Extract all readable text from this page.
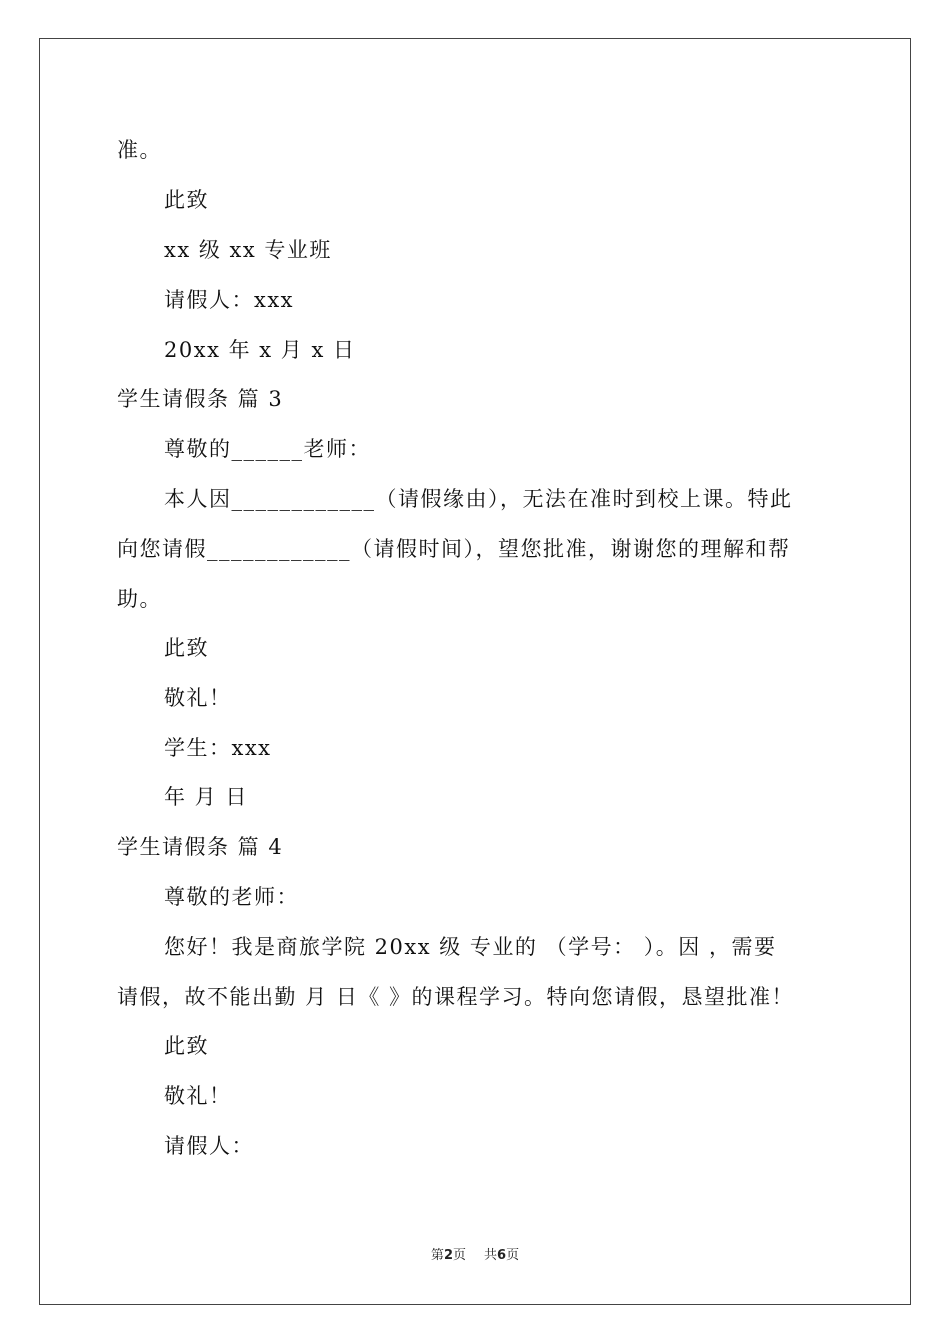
准。

此致

xx 级 xx 专业班

请假人：xxx

20xx 年 x 月 x 日

学生请假条 篇 3

尊敬的______老师：

本人因____________（请假缘由），无法在准时到校上课。特此

向您请假____________（请假时间），望您批准，谢谢您的理解和帮

助。

此致

敬礼！

学生：xxx

年 月 日

学生请假条 篇 4

尊敬的老师：

您好！我是商旅学院 20xx 级 专业的 （学号： ）。因 ，需要

请假，故不能出勤 月 日《 》的课程学习。特向您请假，恳望批准！

此致

敬礼！

请假人：

第2页 共6页
